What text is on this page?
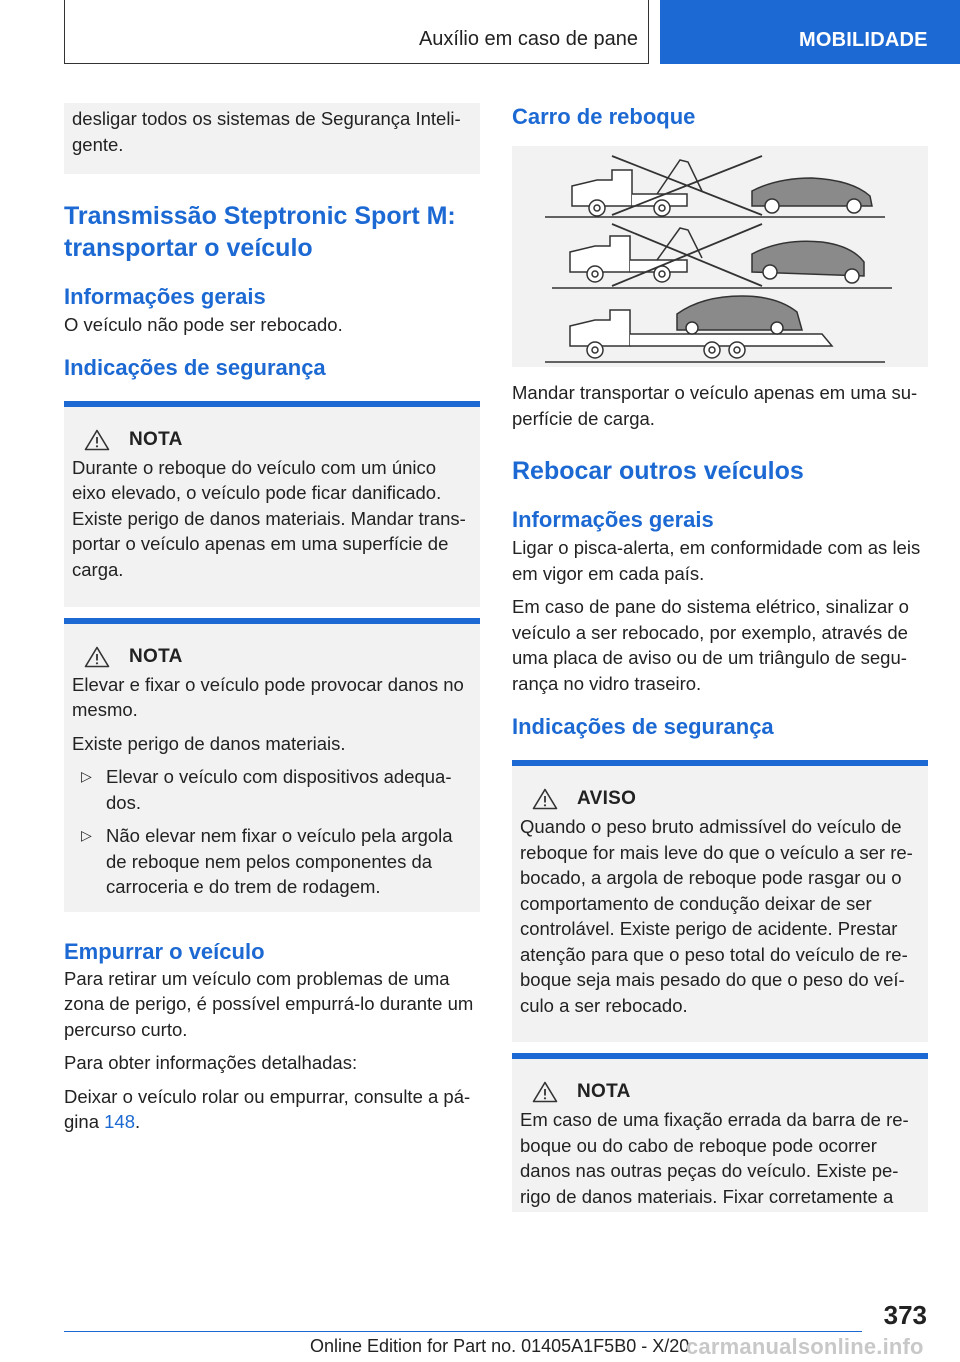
Auxílio em caso de pane	MOBILIDADE

desligar todos os sistemas de Segurança Inteli‐ gente.

Transmissão Steptronic Sport M: transportar o veículo
Informações gerais

O veículo não pode ser rebocado.

Indicações de segurança
NOTA

Durante o reboque do veículo com um único eixo elevado, o veículo pode ficar danificado. Existe perigo de danos materiais. Mandar trans‐ portar o veículo apenas em uma superfície de carga.

NOTA

Elevar e fixar o veículo pode provocar danos no mesmo.

Existe perigo de danos materiais.

▷ Elevar o veículo com dispositivos adequa‐ dos.
▷ Não elevar nem fixar o veículo pela argola de reboque nem pelos componentes da carroceria e do trem de rodagem.
Empurrar o veículo

Para retirar um veículo com problemas de uma zona de perigo, é possível empurrá-lo durante um percurso curto.

Para obter informações detalhadas:

Deixar o veículo rolar ou empurrar, consulte a pá‐ gina 148.

Carro de reboque

Mandar transportar o veículo apenas em uma su‐ perfície de carga.

Rebocar outros veículos
Informações gerais

Ligar o pisca-alerta, em conformidade com as leis em vigor em cada país.

Em caso de pane do sistema elétrico, sinalizar o veículo a ser rebocado, por exemplo, através de uma placa de aviso ou de um triângulo de segu‐ rança no vidro traseiro.

Indicações de segurança
AVISO

Quando o peso bruto admissível do veículo de reboque for mais leve do que o veículo a ser re‐ bocado, a argola de reboque pode rasgar ou o comportamento de condução deixar de ser controlável. Existe perigo de acidente. Prestar atenção para que o peso total do veículo de re‐ boque seja mais pesado do que o peso do veí‐ culo a ser rebocado.

NOTA

Em caso de uma fixação errada da barra de re‐ boque ou do cabo de reboque pode ocorrer danos nas outras peças do veículo. Existe pe‐ rigo de danos materiais. Fixar corretamente a

373
Online Edition for Part no. 01405A1F5B0 - X/20
carmanualsonline.info
